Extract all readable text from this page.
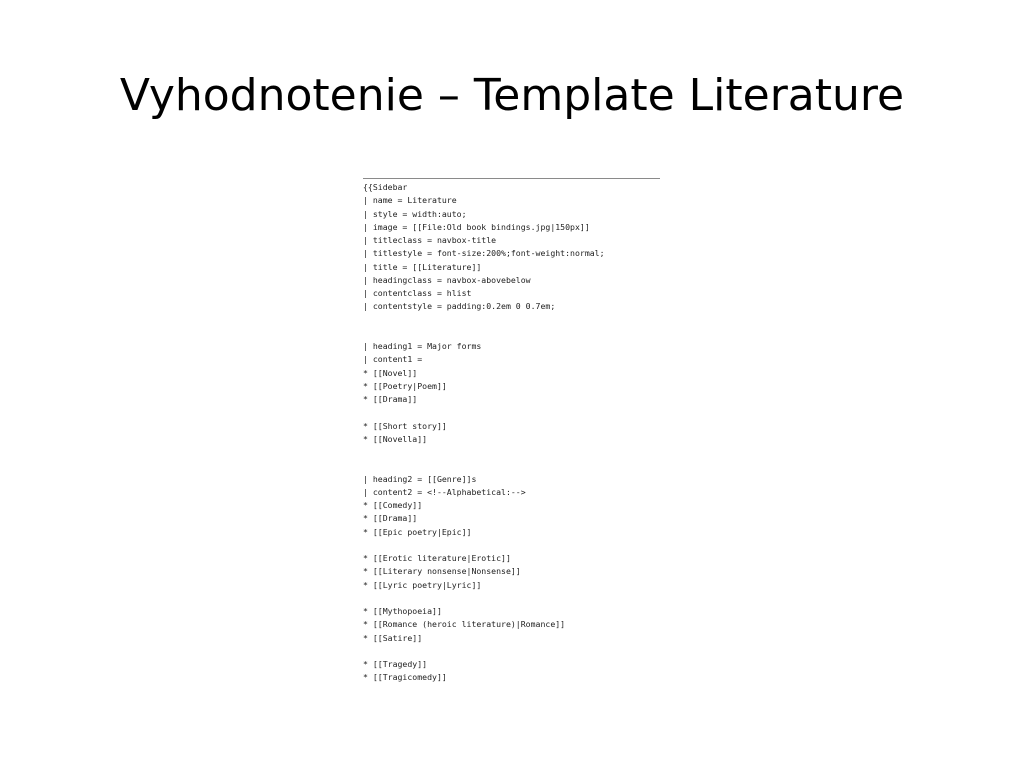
Vyhodnotenie – Template Literature
{{Sidebar
| name = Literature
| style = width:auto;
| image = [[File:Old book bindings.jpg|150px]]
| titleclass = navbox-title
| titlestyle = font-size:200%;font-weight:normal;
| title = [[Literature]]
| headingclass = navbox-abovebelow
| contentclass = hlist
| contentstyle = padding:0.2em 0 0.7em;
| heading1 = Major forms
| content1 =
* [[Novel]]
* [[Poetry|Poem]]
* [[Drama]]
* [[Short story]]
* [[Novella]]
| heading2 = [[Genre]]s
| content2 = <!--Alphabetical:-->
* [[Comedy]]
* [[Drama]]
* [[Epic poetry|Epic]]
* [[Erotic literature|Erotic]]
* [[Literary nonsense|Nonsense]]
* [[Lyric poetry|Lyric]]
* [[Mythopoeia]]
* [[Romance (heroic literature)|Romance]]
* [[Satire]]
* [[Tragedy]]
* [[Tragicomedy]]
